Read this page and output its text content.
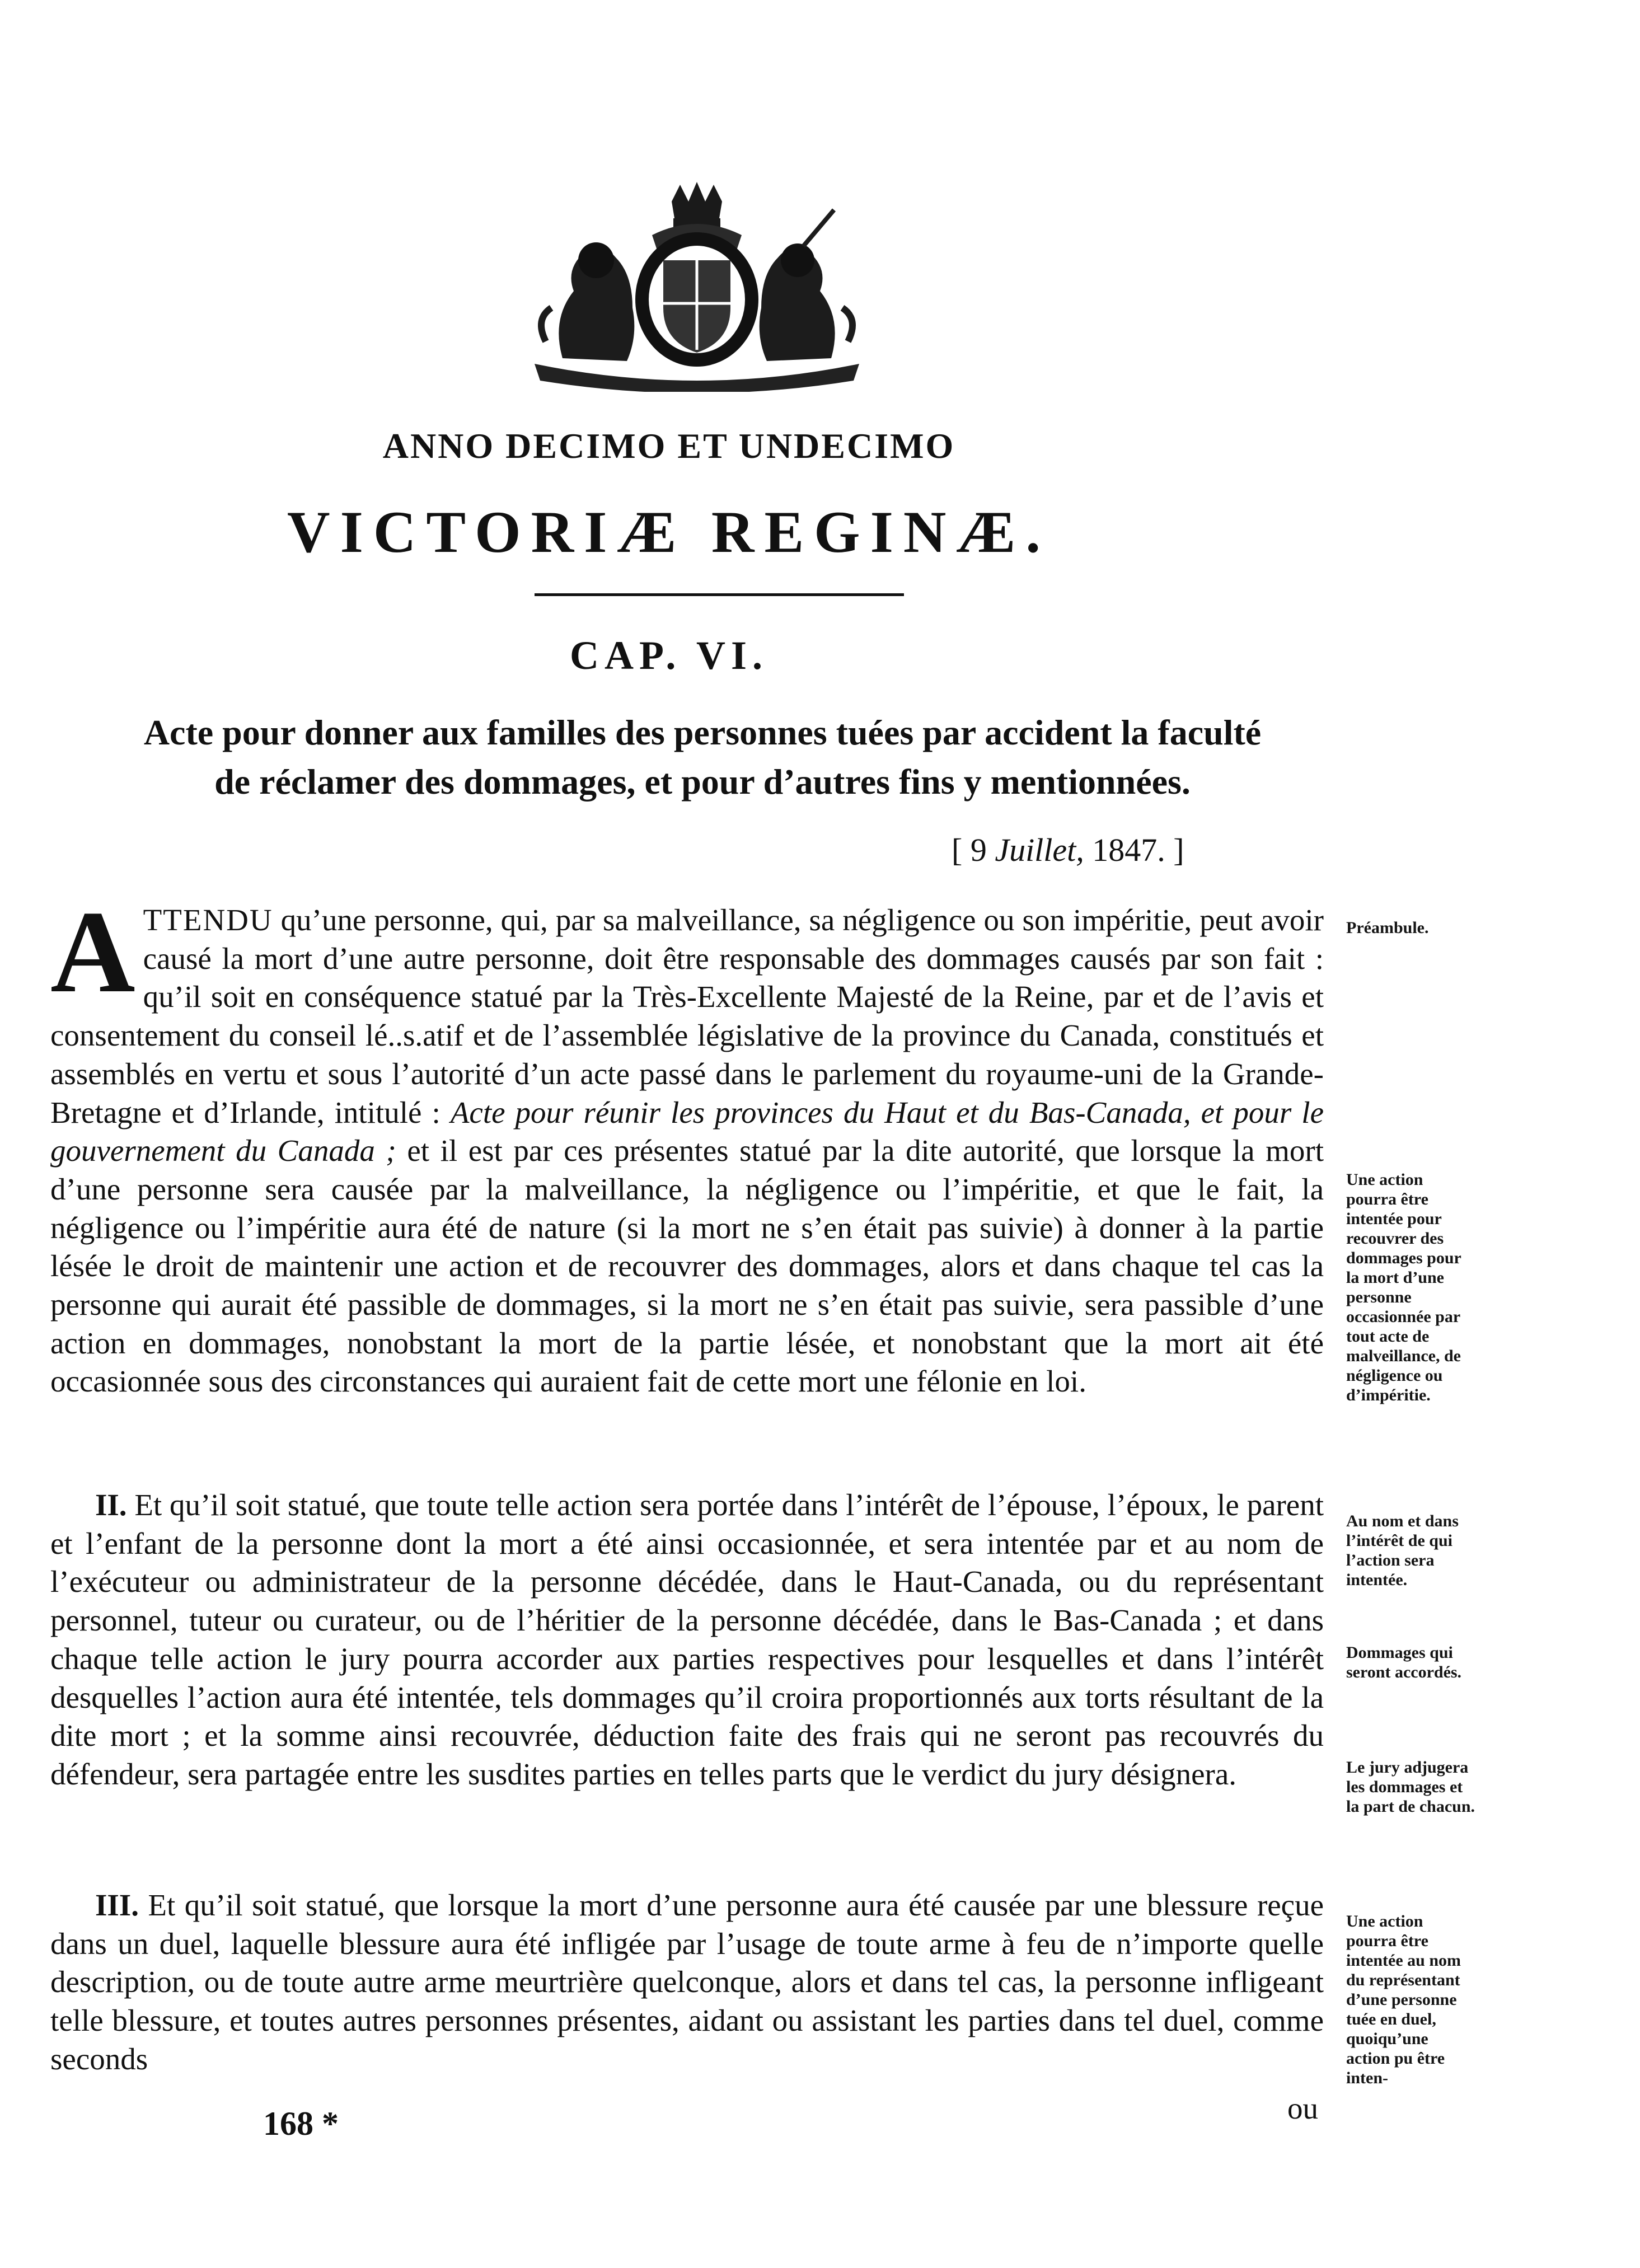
ANNO DECIMO ET UNDECIMO
VICTORIÆ REGINÆ.
CAP. VI.
Acte pour donner aux familles des personnes tuées par accident la faculté
de réclamer des dommages, et pour d’autres fins y mentionnées.
[ 9 Juillet, 1847. ]

ATTENDU qu’une personne, qui, par sa malveillance, sa négligence ou son impéritie, peut avoir causé la mort d’une autre personne, doit être responsable des dommages causés par son fait : qu’il soit en conséquence statué par la Très-Excellente Majesté de la Reine, par et de l’avis et consentement du conseil lé..s.atif et de l’assemblée législative de la province du Canada, constitués et assemblés en vertu et sous l’autorité d’un acte passé dans le parlement du royaume-uni de la Grande-Bretagne et d’Irlande, intitulé : Acte pour réunir les provinces du Haut et du Bas-Canada, et pour le gouvernement du Canada ; et il est par ces présentes statué par la dite autorité, que lorsque la mort d’une personne sera causée par la malveillance, la négligence ou l’impéritie, et que le fait, la négligence ou l’impéritie aura été de nature (si la mort ne s’en était pas suivie) à donner à la partie lésée le droit de maintenir une action et de recouvrer des dommages, alors et dans chaque tel cas la personne qui aurait été passible de dommages, si la mort ne s’en était pas suivie, sera passible d’une action en dommages, nonobstant la mort de la partie lésée, et nonobstant que la mort ait été occasionnée sous des circonstances qui auraient fait de cette mort une félonie en loi.

II. Et qu’il soit statué, que toute telle action sera portée dans l’intérêt de l’épouse, l’époux, le parent et l’enfant de la personne dont la mort a été ainsi occasionnée, et sera intentée par et au nom de l’exécuteur ou administrateur de la personne décédée, dans le Haut-Canada, ou du représentant personnel, tuteur ou curateur, ou de l’héritier de la personne décédée, dans le Bas-Canada ; et dans chaque telle action le jury pourra accorder aux parties respectives pour lesquelles et dans l’intérêt desquelles l’action aura été intentée, tels dommages qu’il croira proportionnés aux torts résultant de la dite mort ; et la somme ainsi recouvrée, déduction faite des frais qui ne seront pas recouvrés du défendeur, sera partagée entre les susdites parties en telles parts que le verdict du jury désignera.

III. Et qu’il soit statué, que lorsque la mort d’une personne aura été causée par une blessure reçue dans un duel, laquelle blessure aura été infligée par l’usage de toute arme à feu de n’importe quelle description, ou de toute autre arme meurtrière quelconque, alors et dans tel cas, la personne infligeant telle blessure, et toutes autres personnes présentes, aidant ou assistant les parties dans tel duel, comme seconds

Préambule.
Une action pourra être intentée pour recouvrer des dommages pour la mort d’une personne occasionnée par tout acte de malveillance, de négligence ou d’impéritie.
Au nom et dans l’intérêt de qui l’action sera intentée.
Dommages qui seront accordés.
Le jury adjugera les dommages et la part de chacun.
Une action pourra être intentée au nom du représentant d’une personne tuée en duel, quoiqu’une action pu être inten-
168 *	ou
